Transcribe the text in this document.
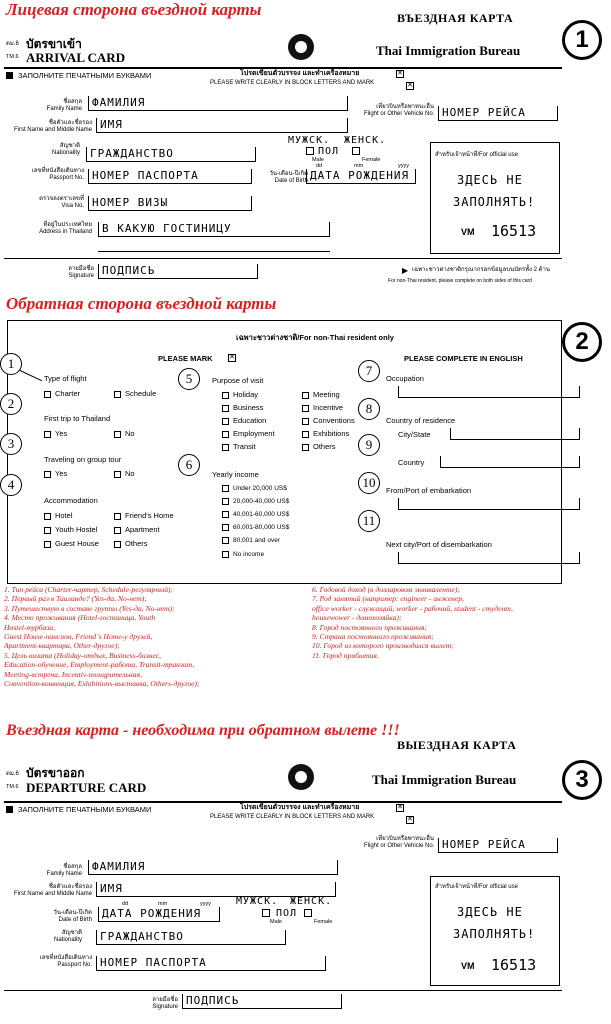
Лицевая сторона въездной карты	ВЪЕЗДНАЯ КАРТА
1
ตม.6 บัตรขาเข้า
TM.6 ARRIVAL CARD	Thai Immigration Bureau
ЗАПОЛНИТЕ ПЕЧАТНЫМИ БУКВАМИ	โปรดเขียนตัวบรรจง และทำเครื่องหมาย	✕
PLEASE WRITE CLEARLY IN BLOCK LETTERS AND MARK	✕
ชื่อสกุล
Family Name ФАМИЛИЯ
ชื่อตัวและชื่อรอง
First Name and Middle Name ИМЯ
สัญชาติ
Nationality ГРАЖДАНСТВО
МУЖСК. ЖЕНСК.
ПОЛ
Male	Female
เลขที่หนังสือเดินทาง
Passport No. НОМЕР ПАСПОРТА
dd	mm	yyyy
วัน-เดือน-ปีเกิด
Date of Birth ДАТА РОЖДЕНИЯ
ตรวจลงตราเลขที่
Visa No. НОМЕР ВИЗЫ
ที่อยู่ในประเทศไทย
Address in Thailand В КАКУЮ ГОСТИНИЦУ
เที่ยวบินหรือพาหนะอื่น
Flight or Other Vehicle No. НОМЕР РЕЙСА
สำหรับเจ้าหน้าที่/For official use
ЗДЕСЬ НЕ
ЗАПОЛНЯТЬ!
VM 16513
ลายมือชื่อ
Signature ПОДПИСЬ	▶ เฉพาะชาวต่างชาติกรุณากรอกข้อมูลบนบัตรทั้ง 2 ด้าน
For non-Thai resident, please complete on both sides of this card
Обратная сторона въездной карты
2
เฉพาะชาวต่างชาติ/For non-Thai resident only
PLEASE MARK ✕	PLEASE COMPLETE IN ENGLISH
1
Type of flight
Charter	Schedule
2
First trip to Thailand
Yes	No
3
Traveling on group tour
Yes	No
4
Accommodation
Hotel
Youth Hostel
Guest House
Friend's Home
Apartment
Others
5	Purpose of visit
Holiday
Business
Education
Employment
Transit
Meeting
Incentive
Conventions
Exhibitions
Others
6
Yearly income
Under 20,000 US$
20,000-40,000 US$
40,001-60,000 US$
60,001-80,000 US$
80,001 and over
No income
7
Occupation
8
Country of residence
City/State
9
Country
10
From/Port of embarkation
11
Next city/Port of disembarkation
1. Тип рейса (Charter-чартер, Schedule-регулярный);
2. Первый раз в Таиланде? (Yes-да, No-нет);
3. Путешествую в составе группы (Yes-да, No-нет);
4. Место проживания (Hotel-гостиница, Youth
Hostel-турбаза,
Guest House-пансион, Friend`s Home-у друзей,
Apartment-квартира, Other-другое);
5. Цель визита (Holiday-отдых, Business-бизнес,
Education-обучение, Employment-работа, Transit-транзит,
Meeting-встреча, Incentiv-поощрительная,
Convention-конвенция, Exhibitions-выставка, Others-другое);
6. Годовой доход (в долларовом эквиваленте);
7. Род занятий (например: engineer - инженер,
office worker - служащий, worker - рабочий, student - студент,
housewоwer - домохозяйка);
8. Город постоянного проживания;
9. Страна постоянного проживания;
10. Город из которого производился вылет;
11. Город прибытия.
Въездная карта - необходима при обратном вылете !!!
ВЫЕЗДНАЯ КАРТА
3
ตม.6 บัตรขาออก
TM.6 DEPARTURE CARD
Thai Immigration Bureau
ЗАПОЛНИТЕ ПЕЧАТНЫМИ БУКВАМИ	โปรดเขียนตัวบรรจง และทำเครื่องหมาย	✕
PLEASE WRITE CLEARLY IN BLOCK LETTERS AND MARK	✕
ชื่อสกุล
Family Name
ФАМИЛИЯ
ชื่อตัวและชื่อรอง
First Name and Middle Name ИМЯ
dd	mm	yyyy
วัน-เดือน-ปีเกิด
Date of Birth ДАТА РОЖДЕНИЯ
МУЖСК. ЖЕНСК.
ПОЛ
Male	Female
สัญชาติ
Nationality	ГРАЖДАНСТВО
เลขที่หนังสือเดินทาง
Passport No. НОМЕР ПАСПОРТА
เที่ยวบินหรือพาหนะอื่น
Flight or Other Vehicle No. НОМЕР РЕЙСА
สำหรับเจ้าหน้าที่/For official use
ЗДЕСЬ НЕ
ЗАПОЛНЯТЬ!
VM 16513
ลายมือชื่อ
Signature ПОДПИСЬ
